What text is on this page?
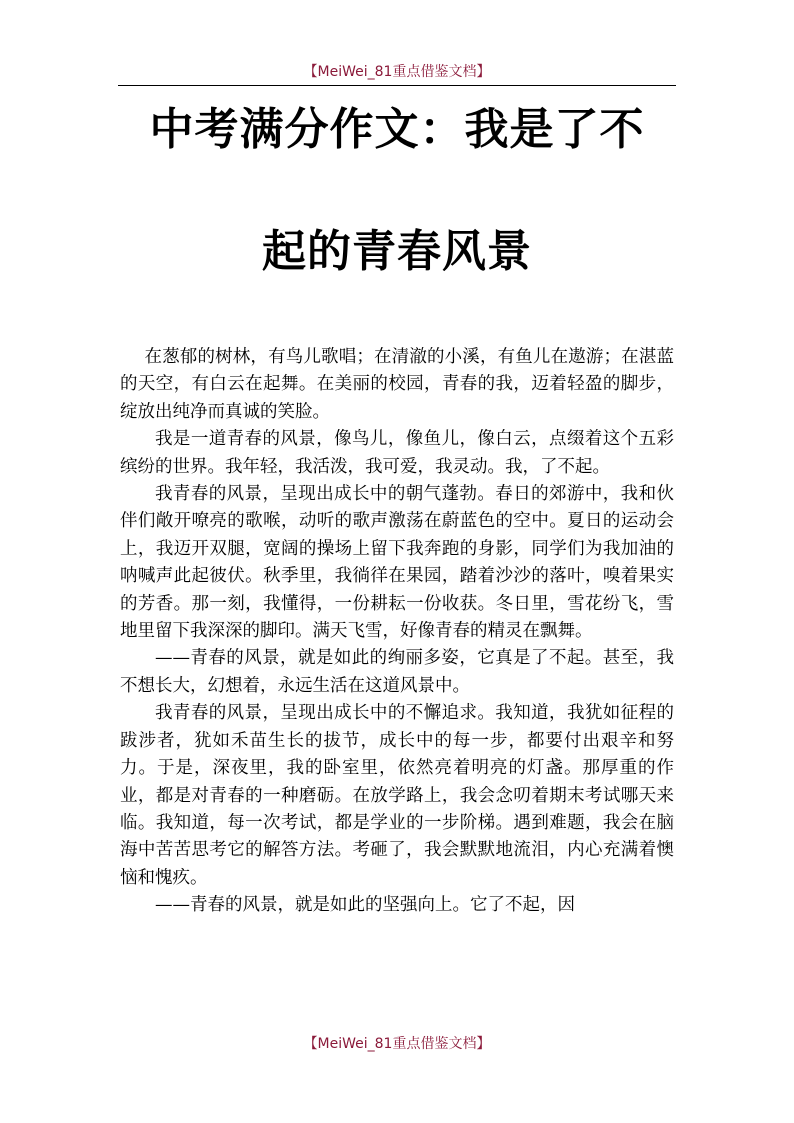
【MeiWei_81重点借鉴文档】
中考满分作文：我是了不
起的青春风景

在葱郁的树林，有鸟儿歌唱；在清澈的小溪，有鱼儿在遨游；在湛蓝的天空，有白云在起舞。在美丽的校园，青春的我，迈着轻盈的脚步，绽放出纯净而真诚的笑脸。

我是一道青春的风景，像鸟儿，像鱼儿，像白云，点缀着这个五彩缤纷的世界。我年轻，我活泼，我可爱，我灵动。我，了不起。

我青春的风景，呈现出成长中的朝气蓬勃。春日的郊游中，我和伙伴们敞开嘹亮的歌喉，动听的歌声激荡在蔚蓝色的空中。夏日的运动会上，我迈开双腿，宽阔的操场上留下我奔跑的身影，同学们为我加油的呐喊声此起彼伏。秋季里，我徜徉在果园，踏着沙沙的落叶，嗅着果实的芳香。那一刻，我懂得，一份耕耘一份收获。冬日里，雪花纷飞，雪地里留下我深深的脚印。满天飞雪，好像青春的精灵在飘舞。

——青春的风景，就是如此的绚丽多姿，它真是了不起。甚至，我不想长大，幻想着，永远生活在这道风景中。

我青春的风景，呈现出成长中的不懈追求。我知道，我犹如征程的跋涉者，犹如禾苗生长的拔节，成长中的每一步，都要付出艰辛和努力。于是，深夜里，我的卧室里，依然亮着明亮的灯盏。那厚重的作业，都是对青春的一种磨砺。在放学路上，我会念叨着期末考试哪天来临。我知道，每一次考试，都是学业的一步阶梯。遇到难题，我会在脑海中苦苦思考它的解答方法。考砸了，我会默默地流泪，内心充满着懊恼和愧疚。

——青春的风景，就是如此的坚强向上。它了不起，因

【MeiWei_81重点借鉴文档】
